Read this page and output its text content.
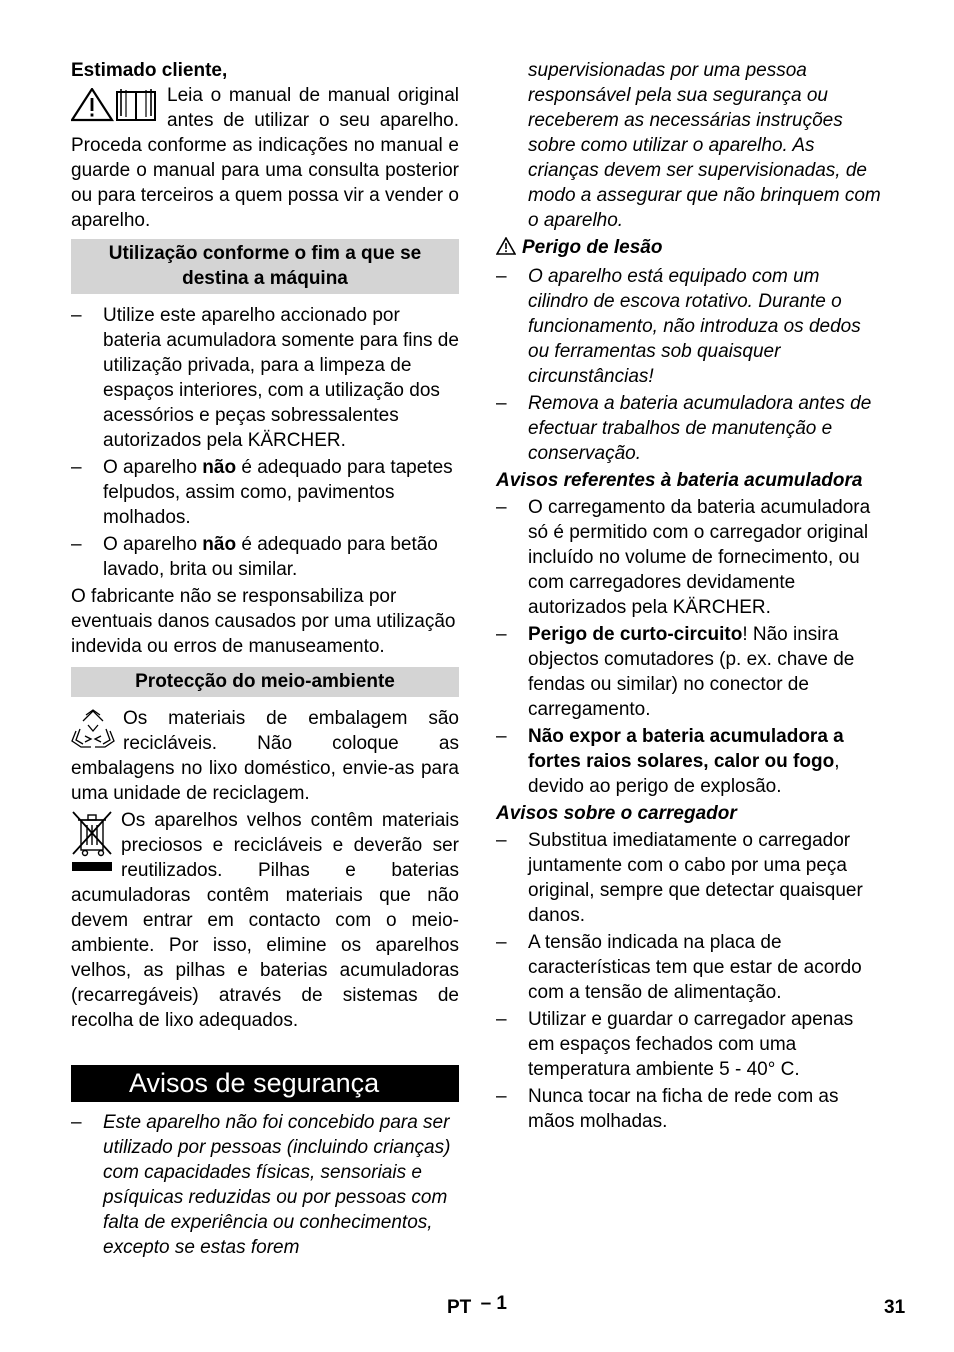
Estimado cliente,

Leia o manual de manual original antes de utilizar o seu aparelho. Proceda conforme as indicações no manual e guarde o manual para uma consulta posterior ou para terceiros a quem possa vir a vender o aparelho.

Utilização conforme o fim a que se destina a máquina
– Utilize este aparelho accionado por bateria acumuladora somente para fins de utilização privada, para a limpeza de espaços interiores, com a utilização dos acessórios e peças sobressalentes autorizados pela KÄRCHER.
– O aparelho não é adequado para tapetes felpudos, assim como, pavimentos molhados.
– O aparelho não é adequado para betão lavado, brita ou similar.

O fabricante não se responsabiliza por eventuais danos causados por uma utilização indevida ou erros de manuseamento.

Protecção do meio-ambiente

Os materiais de embalagem são recicláveis. Não coloque as embalagens no lixo doméstico, envie-as para uma unidade de reciclagem.

Os aparelhos velhos contêm materiais preciosos e recicláveis e deverão ser reutilizados. Pilhas e baterias acumuladoras contêm materiais que não devem entrar em contacto com o meio-ambiente. Por isso, elimine os aparelhos velhos, as pilhas e baterias acumuladoras (recarregáveis) através de sistemas de recolha de lixo adequados.

Avisos de segurança
– Este aparelho não foi concebido para ser utilizado por pessoas (incluindo crianças) com capacidades físicas, sensoriais e psíquicas reduzidas ou por pessoas com falta de experiência ou conhecimentos, excepto se estas forem

supervisionadas por uma pessoa responsável pela sua segurança ou receberem as necessárias instruções sobre como utilizar o aparelho. As crianças devem ser supervisionadas, de modo a assegurar que não brinquem com o aparelho.

Perigo de lesão

– O aparelho está equipado com um cilindro de escova rotativo. Durante o funcionamento, não introduza os dedos ou ferramentas sob quaisquer circunstâncias!
– Remova a bateria acumuladora antes de efectuar trabalhos de manutenção e conservação.

Avisos referentes à bateria acumuladora

– O carregamento da bateria acumuladora só é permitido com o carregador original incluído no volume de fornecimento, ou com carregadores devidamente autorizados pela KÄRCHER.
– Perigo de curto-circuito! Não insira objectos comutadores (p. ex. chave de fendas ou similar) no conector de carregamento.
– Não expor a bateria acumuladora a fortes raios solares, calor ou fogo, devido ao perigo de explosão.

Avisos sobre o carregador

– Substitua imediatamente o carregador juntamente com o cabo por uma peça original, sempre que detectar quaisquer danos.
– A tensão indicada na placa de características tem que estar de acordo com a tensão de alimentação.
– Utilizar e guardar o carregador apenas em espaços fechados com uma temperatura ambiente 5 - 40° C.
– Nunca tocar na ficha de rede com as mãos molhadas.
PT – 1	31
